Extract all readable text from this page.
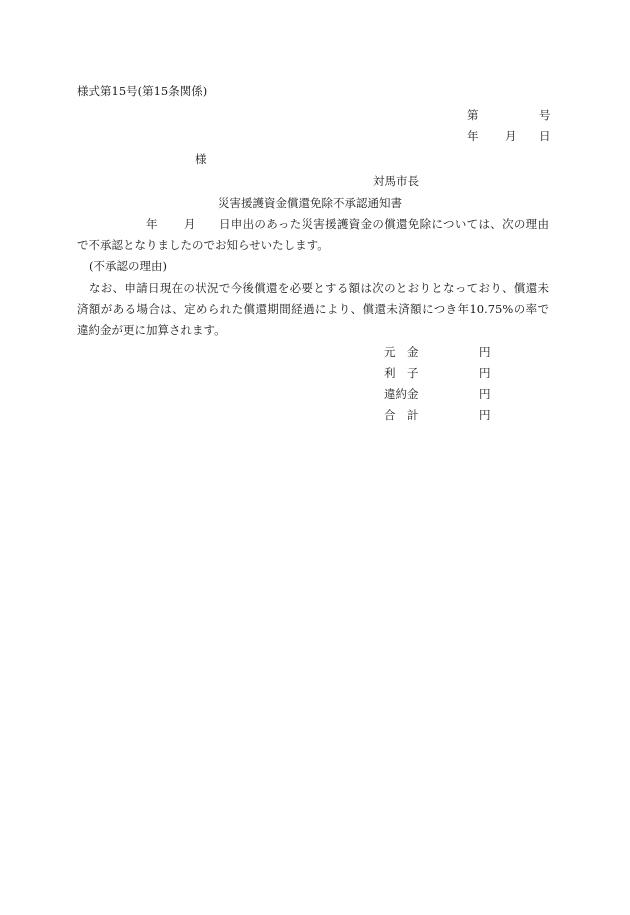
様式第15号(第15条関係)
第	号
年 月 日
様
対馬市長
災害援護資金償還免除不承認通知書
年 月 日申出のあった災害援護資金の償還免除については、次の理由
で不承認となりましたのでお知らせいたします。
(不承認の理由)
なお、申請日現在の状況で今後償還を必要とする額は次のとおりとなっており、償還未
済額がある場合は、定められた償還期間経過により、償還未済額につき年10.75%の率で
違約金が更に加算されます。
元　金	円
利　子	円
違約金	円
合　計	円
